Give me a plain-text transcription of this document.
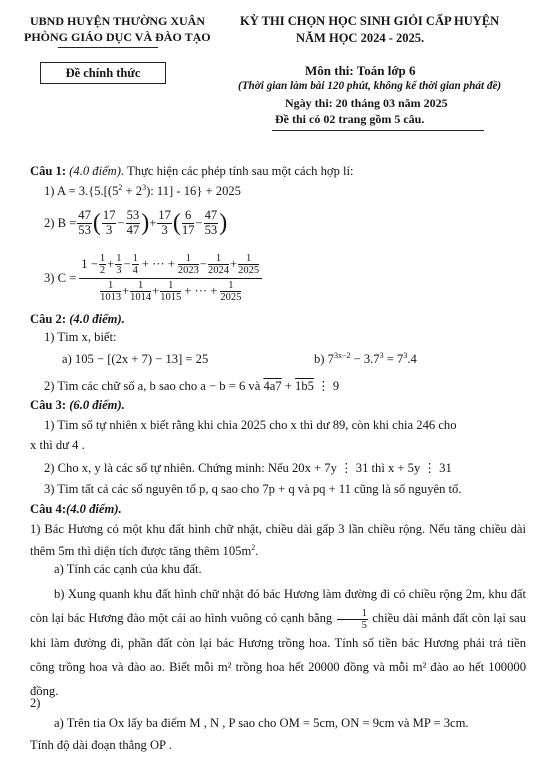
UBND HUYỆN THƯỜNG XUÂN
PHÒNG GIÁO DỤC VÀ ĐÀO TẠO
KỲ THI CHỌN HỌC SINH GIỎI CẤP HUYỆN
NĂM HỌC 2024 - 2025.
Đề chính thức	Môn thi: Toán lớp 6
(Thời gian làm bài 120 phút, không kể thời gian phát đề)
Ngày thi: 20 tháng 03 năm 2025
Đề thi có 02 trang gồm 5 câu.
Câu 1: (4.0 điểm). Thực hiện các phép tính sau một cách hợp lí:
1) $A = 3.\{5.[(5^2 + 2^3)$: 11] - 16} + 2025
2) $B = \frac{47}{53}$ ( $\frac{17}{3} - \frac{53}{47}$ ) + $\frac{17}{3}$ ( $\frac{6}{17} - \frac{47}{53}$ )
3) C =
$1 - \frac{1}{2} + \frac{1}{3} - \frac{1}{4}$ + ··· + $\frac{1}{2023} - \frac{1}{2024} + \frac{1}{2025}$
$\frac{1}{1013} + \frac{1}{1014} + \frac{1}{1015}$ + ··· + $\frac{1}{2025}$
Câu 2: (4.0 điểm).
1) Tìm x, biết:
a) 105 − [(2x + 7) − 13] = 25	b) $7^{3x-2} - 3.7^3 = 7^3.4$
2) Tìm các chữ số a, b sao cho a − b = 6 và 4a7 + 1b5 ⋮ 9
Câu 3: (6.0 điểm).
1) Tìm số tự nhiên x biết rằng khi chia 2025 cho x thì dư 89, còn khi chia 246 cho
x thì dư 4 .
2) Cho x, y là các số tự nhiên. Chứng minh: Nếu 20x + 7y ⋮ 31 thì x + 5y ⋮ 31
3) Tìm tất cả các số nguyên tố p, q sao cho 7p + q và pq + 11 cũng là số nguyên tố.
Câu 4:(4.0 điểm).
1) Bác Hương có một khu đất hình chữ nhật, chiều dài gấp 3 lần chiều rộng. Nếu tăng chiều dài thêm 5m thì diện tích được tăng thêm $105m^2$.
a) Tính các cạnh của khu đất.
b) Xung quanh khu đất hình chữ nhật đó bác Hương làm đường đi có chiều rộng 2m, khu đất còn lại bác Hương đào một cái ao hình vuông có cạnh bằng $\frac{1}{5}$ chiều dài mảnh đất còn lại sau khi làm đường đi, phần đất còn lại bác Hương trồng hoa. Tính số tiền bác Hương phải trả tiền công trồng hoa và đào ao. Biết mỗi m² trồng hoa hết 20000 đồng và mỗi m² đào ao hết 100000 đồng.
2)
a) Trên tia Ox lấy ba điểm M , N , P sao cho OM = 5cm, ON = 9cm và MP = 3cm.
Tính độ dài đoạn thẳng OP .
